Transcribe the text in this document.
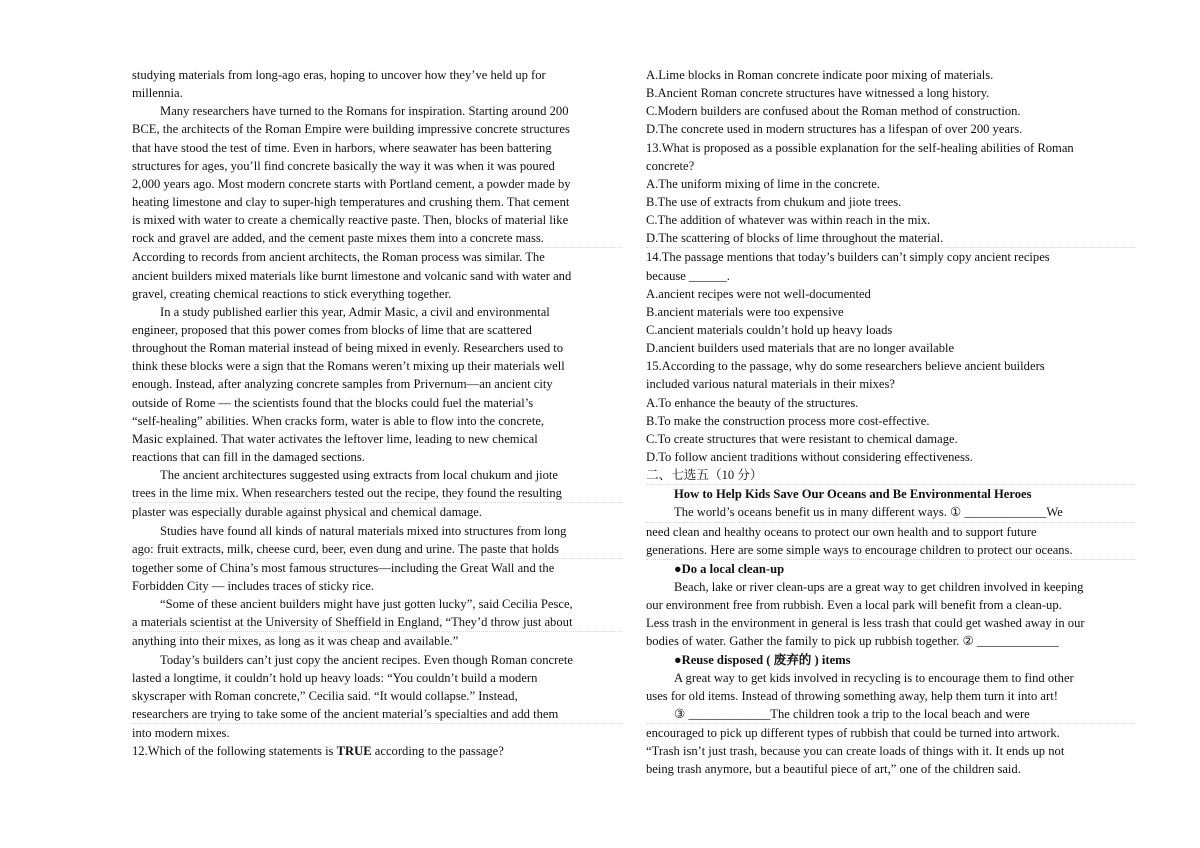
studying materials from long-ago eras, hoping to uncover how they’ve held up for
millennia.
Many researchers have turned to the Romans for inspiration. Starting around 200
BCE, the architects of the Roman Empire were building impressive concrete structures
that have stood the test of time. Even in harbors, where seawater has been battering
structures for ages, you’ll find concrete basically the way it was when it was poured
2,000 years ago. Most modern concrete starts with Portland cement, a powder made by
heating limestone and clay to super-high temperatures and crushing them. That cement
is mixed with water to create a chemically reactive paste. Then, blocks of material like
rock and gravel are added, and the cement paste mixes them into a concrete mass.
According to records from ancient architects, the Roman process was similar. The
ancient builders mixed materials like burnt limestone and volcanic sand with water and
gravel, creating chemical reactions to stick everything together.
In a study published earlier this year, Admir Masic, a civil and environmental
engineer, proposed that this power comes from blocks of lime that are scattered
throughout the Roman material instead of being mixed in evenly. Researchers used to
think these blocks were a sign that the Romans weren’t mixing up their materials well
enough. Instead, after analyzing concrete samples from Privernum—an ancient city
outside of Rome — the scientists found that the blocks could fuel the material’s
“self-healing” abilities. When cracks form, water is able to flow into the concrete,
Masic explained. That water activates the leftover lime, leading to new chemical
reactions that can fill in the damaged sections.
The ancient architectures suggested using extracts from local chukum and jiote
trees in the lime mix. When researchers tested out the recipe, they found the resulting
plaster was especially durable against physical and chemical damage.
Studies have found all kinds of natural materials mixed into structures from long
ago: fruit extracts, milk, cheese curd, beer, even dung and urine. The paste that holds
together some of China’s most famous structures—including the Great Wall and the
Forbidden City — includes traces of sticky rice.
“Some of these ancient builders might have just gotten lucky”, said Cecilia Pesce,
a materials scientist at the University of Sheffield in England, “They’d throw just about
anything into their mixes, as long as it was cheap and available.”
Today’s builders can’t just copy the ancient recipes. Even though Roman concrete
lasted a longtime, it couldn’t hold up heavy loads: “You couldn’t build a modern
skyscraper with Roman concrete,” Cecilia said. “It would collapse.” Instead,
researchers are trying to take some of the ancient material’s specialties and add them
into modern mixes.
12.Which of the following statements is TRUE according to the passage?
A.Lime blocks in Roman concrete indicate poor mixing of materials.
B.Ancient Roman concrete structures have witnessed a long history.
C.Modern builders are confused about the Roman method of construction.
D.The concrete used in modern structures has a lifespan of over 200 years.
13.What is proposed as a possible explanation for the self-healing abilities of Roman
concrete?
A.The uniform mixing of lime in the concrete.
B.The use of extracts from chukum and jiote trees.
C.The addition of whatever was within reach in the mix.
D.The scattering of blocks of lime throughout the material.
14.The passage mentions that today’s builders can’t simply copy ancient recipes
because ______.
A.ancient recipes were not well-documented
B.ancient materials were too expensive
C.ancient materials couldn’t hold up heavy loads
D.ancient builders used materials that are no longer available
15.According to the passage, why do some researchers believe ancient builders
included various natural materials in their mixes?
A.To enhance the beauty of the structures.
B.To make the construction process more cost-effective.
C.To create structures that were resistant to chemical damage.
D.To follow ancient traditions without considering effectiveness.
二、七选五（10 分）
How to Help Kids Save Our Oceans and Be Environmental Heroes
The world’s oceans benefit us in many different ways. ① _____________We
need clean and healthy oceans to protect our own health and to support future
generations. Here are some simple ways to encourage children to protect our oceans.
●Do a local clean-up
Beach, lake or river clean-ups are a great way to get children involved in keeping
our environment free from rubbish. Even a local park will benefit from a clean-up.
Less trash in the environment in general is less trash that could get washed away in our
bodies of water. Gather the family to pick up rubbish together. ② _____________
●Reuse disposed ( 废弃的 ) items
A great way to get kids involved in recycling is to encourage them to find other
uses for old items. Instead of throwing something away, help them turn it into art!
③ _____________The children took a trip to the local beach and were
encouraged to pick up different types of rubbish that could be turned into artwork.
“Trash isn’t just trash, because you can create loads of things with it. It ends up not
being trash anymore, but a beautiful piece of art,” one of the children said.
